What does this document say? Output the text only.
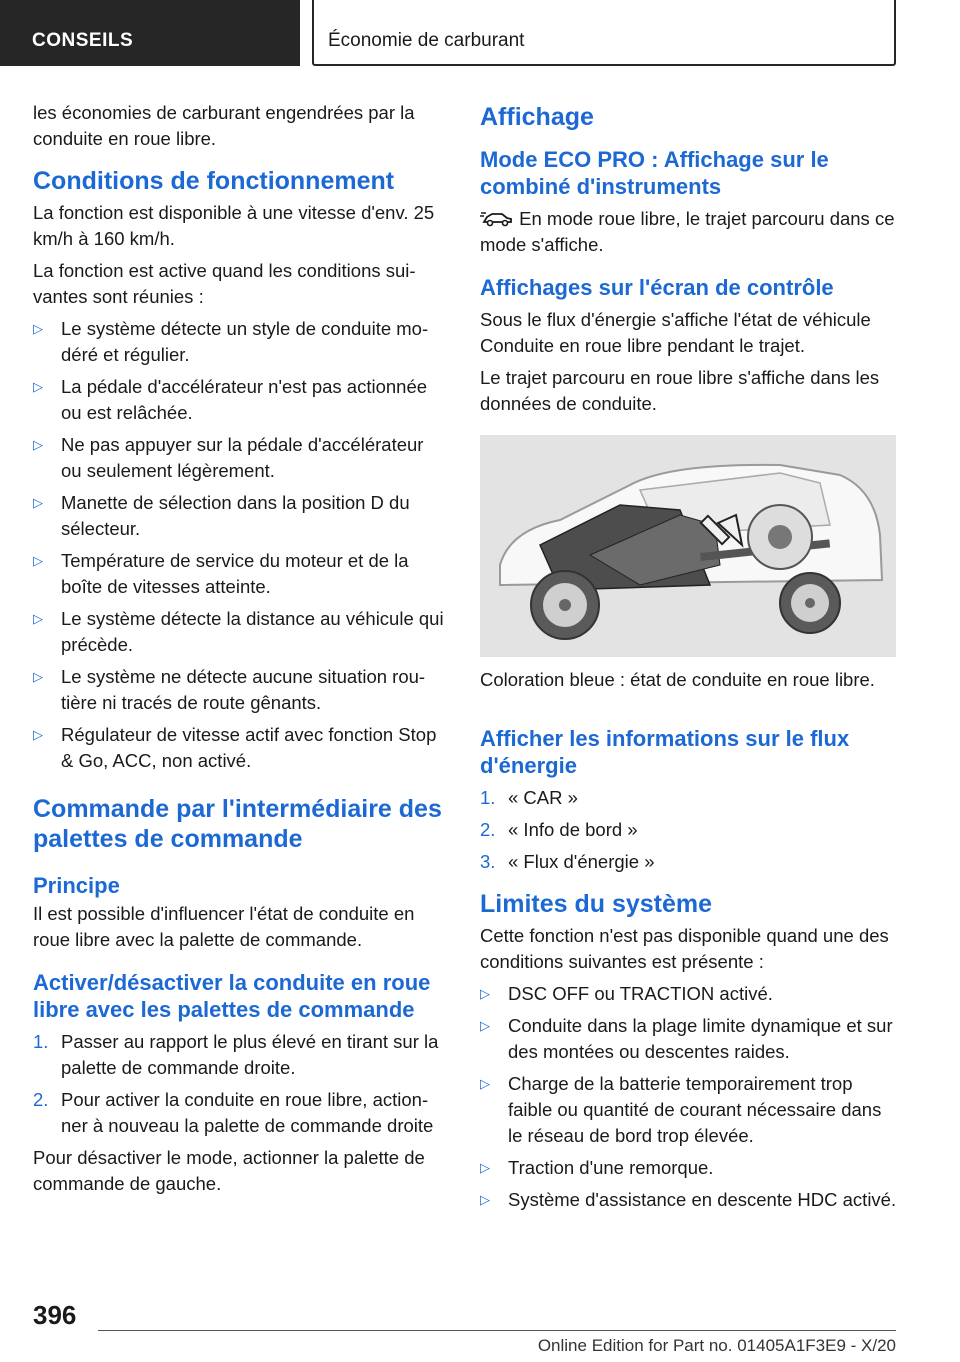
CONSEILS	Économie de carburant

les économies de carburant engendrées par la conduite en roue libre.

Conditions de fonctionnement

La fonction est disponible à une vitesse d'env. 25 km/h à 160 km/h.

La fonction est active quand les conditions suivantes sont réunies :

▷ Le système détecte un style de conduite modéré et régulier.
▷ La pédale d'accélérateur n'est pas actionnée ou est relâchée.
▷ Ne pas appuyer sur la pédale d'accélérateur ou seulement légèrement.
▷ Manette de sélection dans la position D du sélecteur.
▷ Température de service du moteur et de la boîte de vitesses atteinte.
▷ Le système détecte la distance au véhicule qui précède.
▷ Le système ne détecte aucune situation routière ni tracés de route gênants.
▷ Régulateur de vitesse actif avec fonction Stop & Go, ACC, non activé.
Commande par l'intermédiaire des palettes de commande
Principe

Il est possible d'influencer l'état de conduite en roue libre avec la palette de commande.

Activer/désactiver la conduite en roue libre avec les palettes de commande
1. Passer au rapport le plus élevé en tirant sur la palette de commande droite.
2. Pour activer la conduite en roue libre, actionner à nouveau la palette de commande droite

Pour désactiver le mode, actionner la palette de commande de gauche.

Affichage
Mode ECO PRO : Affichage sur le combiné d'instruments

En mode roue libre, le trajet parcouru dans ce mode s'affiche.

Affichages sur l'écran de contrôle

Sous le flux d'énergie s'affiche l'état de véhicule Conduite en roue libre pendant le trajet.

Le trajet parcouru en roue libre s'affiche dans les données de conduite.

Coloration bleue : état de conduite en roue libre.

Afficher les informations sur le flux d'énergie
1. « CAR »
2. « Info de bord »
3. « Flux d'énergie »
Limites du système

Cette fonction n'est pas disponible quand une des conditions suivantes est présente :

▷ DSC OFF ou TRACTION activé.
▷ Conduite dans la plage limite dynamique et sur des montées ou descentes raides.
▷ Charge de la batterie temporairement trop faible ou quantité de courant nécessaire dans le réseau de bord trop élevée.
▷ Traction d'une remorque.
▷ Système d'assistance en descente HDC activé.
396
Online Edition for Part no. 01405A1F3E9 - X/20
